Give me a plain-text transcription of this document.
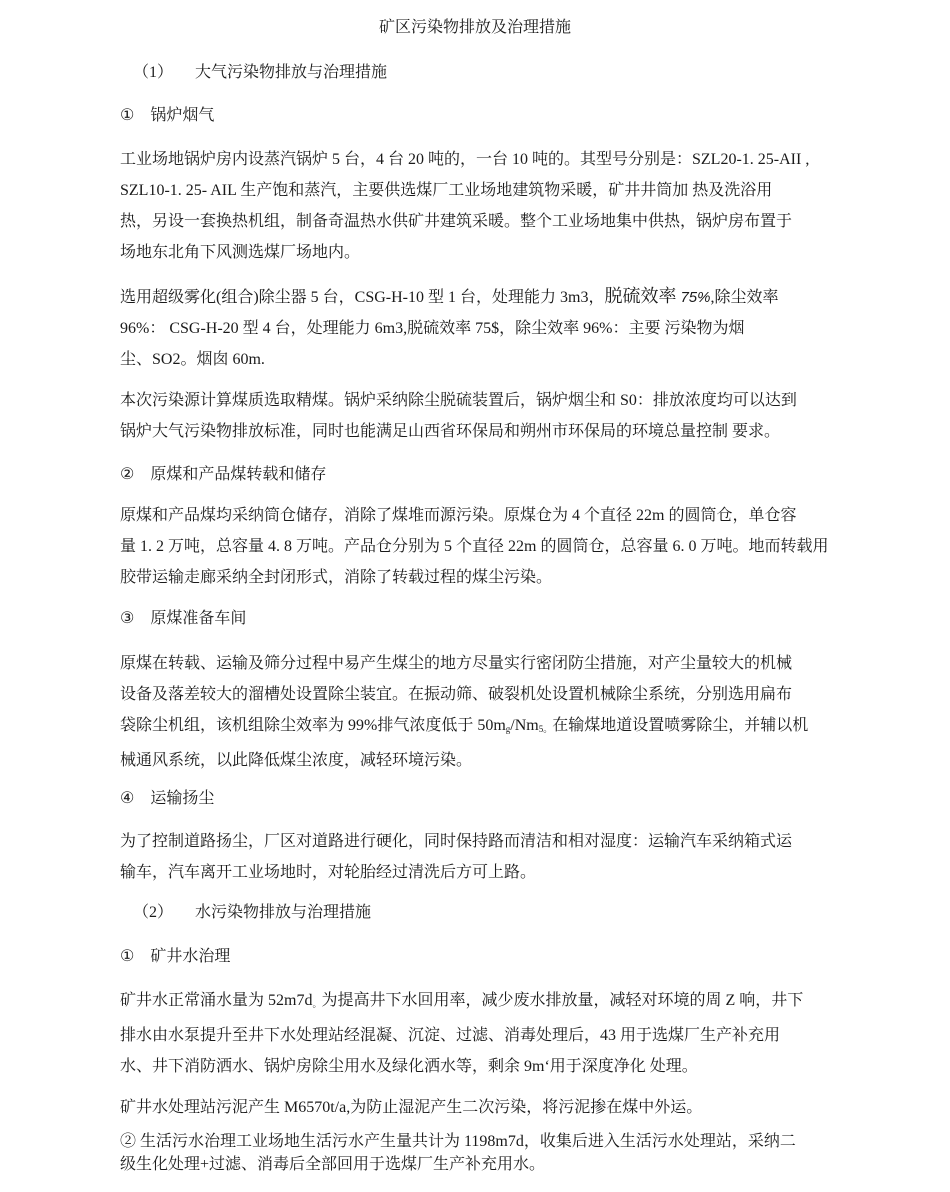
矿区污染物排放及治理措施
（1） 大气污染物排放与治理措施
① 锅炉烟气
工业场地锅炉房内设蒸汽锅炉 5 台，4 台 20 吨的，一台 10 吨的。其型号分别是：SZL20-1. 25-AII ,
SZL10-1. 25- AIL 生产饱和蒸汽，主要供选煤厂工业场地建筑物采暖，矿井井筒加 热及洗浴用
热，另设一套换热机组，制备奇温热水供矿井建筑采暖。整个工业场地集中供热，锅炉房布置于
场地东北角下风测选煤厂场地内。
选用超级雾化(组合)除尘器 5 台，CSG-H-10 型 1 台，处理能力 3m3，脱硫效率 75%,除尘效率
96%： CSG-H-20 型 4 台，处理能力 6m3,脱硫效率 75$，除尘效率 96%：主要 污染物为烟
尘、SO2。烟囱 60m.
本次污染源计算煤质选取精煤。锅炉采纳除尘脱硫装置后，锅炉烟尘和 S0：排放浓度均可以达到
锅炉大气污染物排放标准，同时也能满足山西省环保局和朔州市环保局的环境总量控制 要求。
② 原煤和产品煤转载和储存
原煤和产品煤均采纳筒仓储存，消除了煤堆而源污染。原煤仓为 4 个直径 22m 的圆筒仓，单仓容
量 1. 2 万吨，总容量 4. 8 万吨。产品仓分别为 5 个直径 22m 的圆筒仓，总容量 6. 0 万吨。地而转载用
胶带运输走廊采纳全封闭形式，消除了转载过程的煤尘污染。
③ 原煤准备车间
原煤在转载、运输及筛分过程中易产生煤尘的地方尽量实行密闭防尘措施，对产尘量较大的机械
设备及落差较大的溜槽处设置除尘装宜。在振动筛、破裂机处设置机械除尘系统，分别选用扁布
袋除尘机组，该机组除尘效率为 99%排气浓度低于 $50m_g/Nm_{5。}$在输煤地道设置喷雾除尘，并辅以机
械通风系统，以此降低煤尘浓度，减轻环境污染。
④ 运输扬尘
为了控制道路扬尘，厂区对道路进行硬化，同时保持路而清洁和相对湿度：运输汽车采纳箱式运
输车，汽车离开工业场地时，对轮胎经过清洗后方可上路。
（2） 水污染物排放与治理措施
① 矿井水治理
矿井水正常涌水量为 $52m7d_。$为提高井下水回用率，减少废水排放量，减轻对环境的周 Z 响，井下
排水由水泵提升至井下水处理站经混凝、沉淀、过滤、消毒处理后，43 用于选煤厂生产补充用
水、井下消防洒水、锅炉房除尘用水及绿化洒水等，剩余 9m‘用于深度净化 处理。
矿井水处理站污泥产生 M6570t/a,为防止湿泥产生二次污染，将污泥掺在煤中外运。
② 生活污水治理工业场地生活污水产生量共计为 1198m7d，收集后进入生活污水处理站，采纳二
级生化处理+过滤、消毒后全部回用于选煤厂生产补充用水。
